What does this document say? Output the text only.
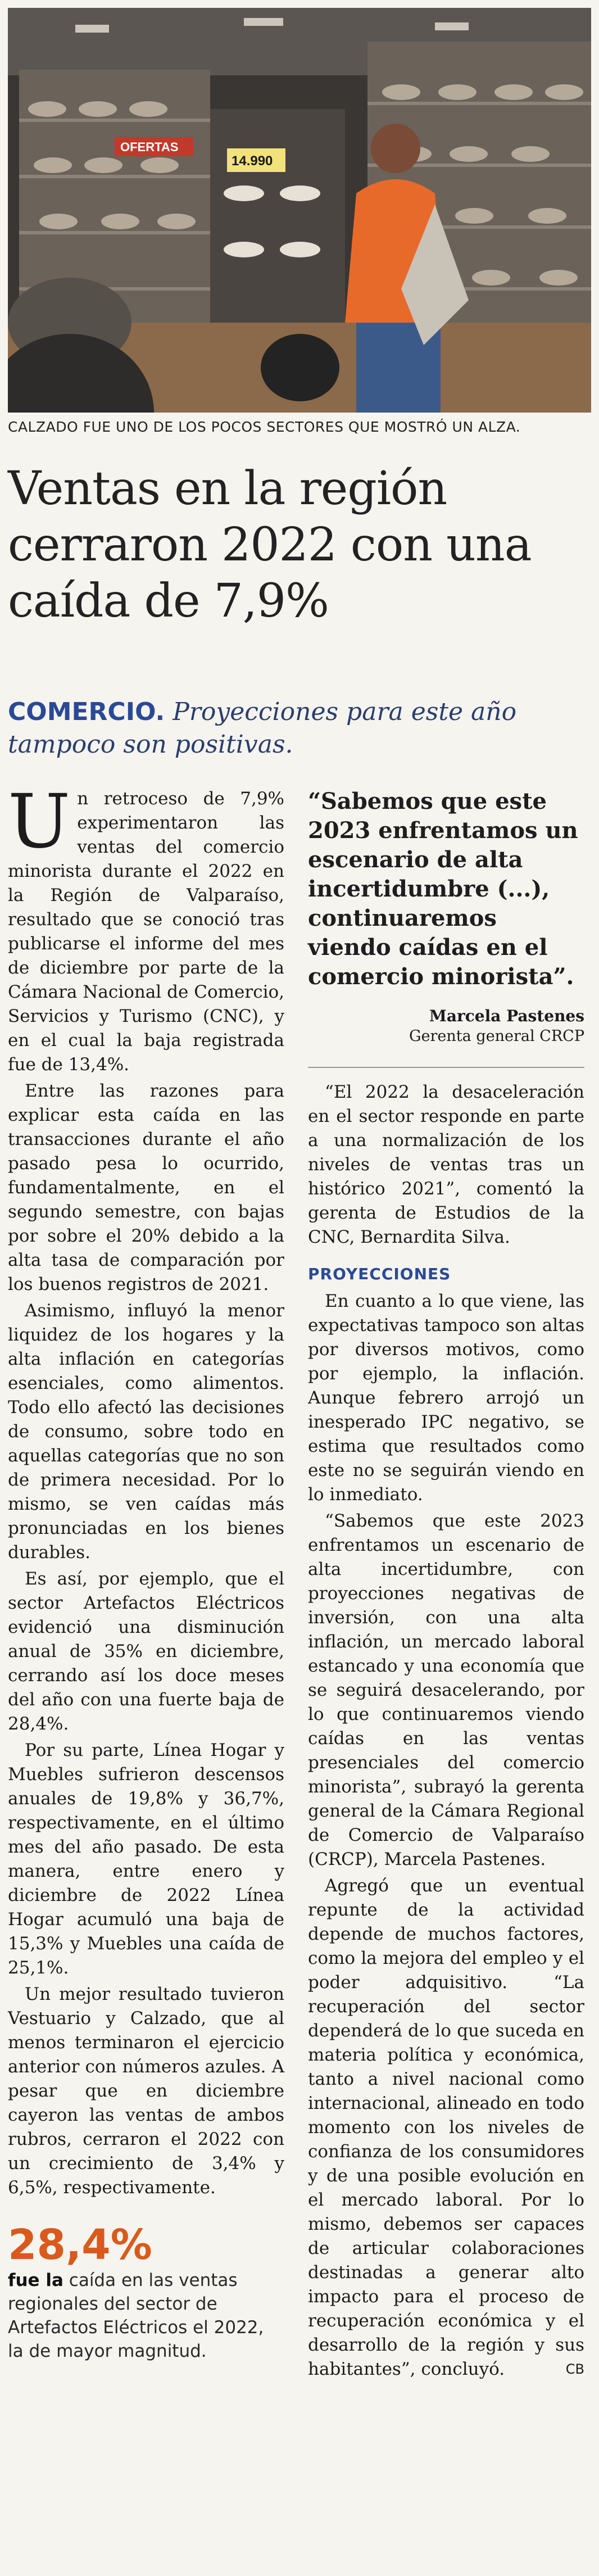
OFERTAS
14.990
CALZADO FUE UNO DE LOS POCOS SECTORES QUE MOSTRÓ UN ALZA.
Ventas en la región cerraron 2022 con una caída de 7,9%
COMERCIO. Proyecciones para este año tampoco son positivas.

Un retroceso de 7,9% experimentaron las ventas del comercio minorista durante el 2022 en la Región de Valparaíso, resultado que se conoció tras publicarse el informe del mes de diciembre por parte de la Cámara Nacional de Comercio, Servicios y Turismo (CNC), y en el cual la baja registrada fue de 13,4%.

Entre las razones para explicar esta caída en las transacciones durante el año pasado pesa lo ocurrido, fundamentalmente, en el segundo semestre, con bajas por sobre el 20% debido a la alta tasa de comparación por los buenos registros de 2021.

Asimismo, influyó la menor liquidez de los hogares y la alta inflación en categorías esenciales, como alimentos. Todo ello afectó las decisiones de consumo, sobre todo en aquellas categorías que no son de primera necesidad. Por lo mismo, se ven caídas más pronunciadas en los bienes durables.

Es así, por ejemplo, que el sector Artefactos Eléctricos evidenció una disminución anual de 35% en diciembre, cerrando así los doce meses del año con una fuerte baja de 28,4%.

Por su parte, Línea Hogar y Muebles sufrieron descensos anuales de 19,8% y 36,7%, respectivamente, en el último mes del año pasado. De esta manera, entre enero y diciembre de 2022 Línea Hogar acumuló una baja de 15,3% y Muebles una caída de 25,1%.

Un mejor resultado tuvieron Vestuario y Calzado, que al menos terminaron el ejercicio anterior con números azules. A pesar que en diciembre cayeron las ventas de ambos rubros, cerraron el 2022 con un crecimiento de 3,4% y 6,5%, respectivamente.

28,4%
fue la caída en las ventas regionales del sector de Artefactos Eléctricos el 2022, la de mayor magnitud.
“Sabemos que este 2023 enfrentamos un escenario de alta incertidumbre (...), continuaremos viendo caídas en el comercio minorista”.
Marcela Pastenes
Gerenta general CRCP

“El 2022 la desaceleración en el sector responde en parte a una normalización de los niveles de ventas tras un histórico 2021”, comentó la gerenta de Estudios de la CNC, Bernardita Silva.

PROYECCIONES

En cuanto a lo que viene, las expectativas tampoco son altas por diversos motivos, como por ejemplo, la inflación. Aunque febrero arrojó un inesperado IPC negativo, se estima que resultados como este no se seguirán viendo en lo inmediato.

“Sabemos que este 2023 enfrentamos un escenario de alta incertidumbre, con proyecciones negativas de inversión, con una alta inflación, un mercado laboral estancado y una economía que se seguirá desacelerando, por lo que continuaremos viendo caídas en las ventas presenciales del comercio minorista”, subrayó la gerenta general de la Cámara Regional de Comercio de Valparaíso (CRCP), Marcela Pastenes.

Agregó que un eventual repunte de la actividad depende de muchos factores, como la mejora del empleo y el poder adquisitivo. “La recuperación del sector dependerá de lo que suceda en materia política y económica, tanto a nivel nacional como internacional, alineado en todo momento con los niveles de confianza de los consumidores y de una posible evolución en el mercado laboral. Por lo mismo, debemos ser capaces de articular colaboraciones destinadas a generar alto impacto para el proceso de recuperación económica y el desarrollo de la región y sus habitantes”, concluyó.	CB
